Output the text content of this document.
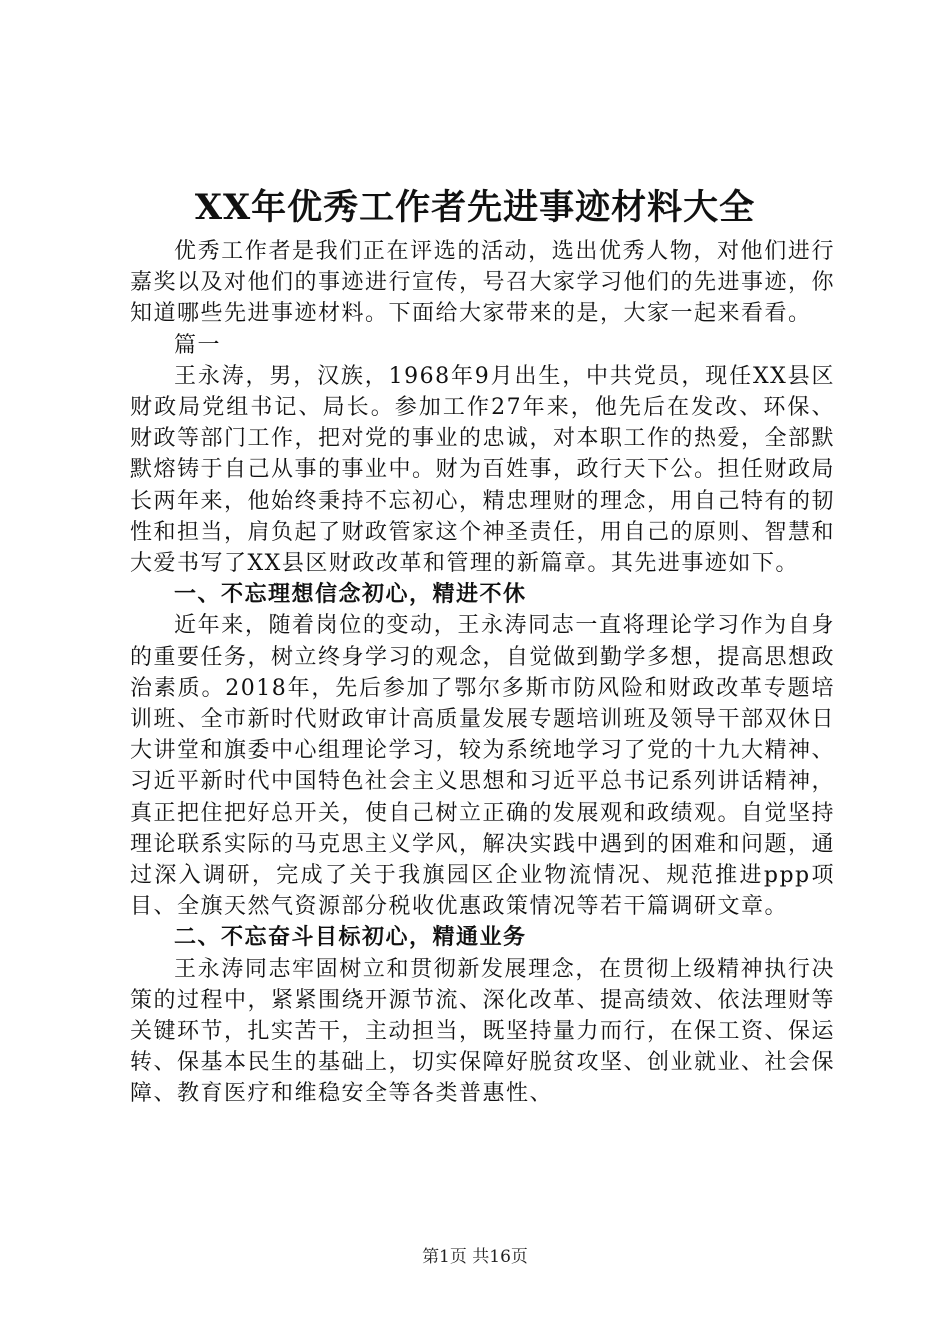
XX年优秀工作者先进事迹材料大全

优秀工作者是我们正在评选的活动，选出优秀人物，对他们进行嘉奖以及对他们的事迹进行宣传，号召大家学习他们的先进事迹，你知道哪些先进事迹材料。下面给大家带来的是，大家一起来看看。

篇一

王永涛，男，汉族，1968年9月出生，中共党员，现任XX县区财政局党组书记、局长。参加工作27年来，他先后在发改、环保、财政等部门工作，把对党的事业的忠诚，对本职工作的热爱，全部默默熔铸于自己从事的事业中。财为百姓事，政行天下公。担任财政局长两年来，他始终秉持不忘初心，精忠理财的理念，用自己特有的韧性和担当，肩负起了财政管家这个神圣责任，用自己的原则、智慧和大爱书写了XX县区财政改革和管理的新篇章。其先进事迹如下。

一、不忘理想信念初心，精进不休

近年来，随着岗位的变动，王永涛同志一直将理论学习作为自身的重要任务，树立终身学习的观念，自觉做到勤学多想，提高思想政治素质。2018年，先后参加了鄂尔多斯市防风险和财政改革专题培训班、全市新时代财政审计高质量发展专题培训班及领导干部双休日大讲堂和旗委中心组理论学习，较为系统地学习了党的十九大精神、习近平新时代中国特色社会主义思想和习近平总书记系列讲话精神，真正把住把好总开关，使自己树立正确的发展观和政绩观。自觉坚持理论联系实际的马克思主义学风，解决实践中遇到的困难和问题，通过深入调研，完成了关于我旗园区企业物流情况、规范推进ppp项目、全旗天然气资源部分税收优惠政策情况等若干篇调研文章。

二、不忘奋斗目标初心，精通业务

王永涛同志牢固树立和贯彻新发展理念，在贯彻上级精神执行决策的过程中，紧紧围绕开源节流、深化改革、提高绩效、依法理财等关键环节，扎实苦干，主动担当，既坚持量力而行，在保工资、保运转、保基本民生的基础上，切实保障好脱贫攻坚、创业就业、社会保障、教育医疗和维稳安全等各类普惠性、

第1页 共16页
